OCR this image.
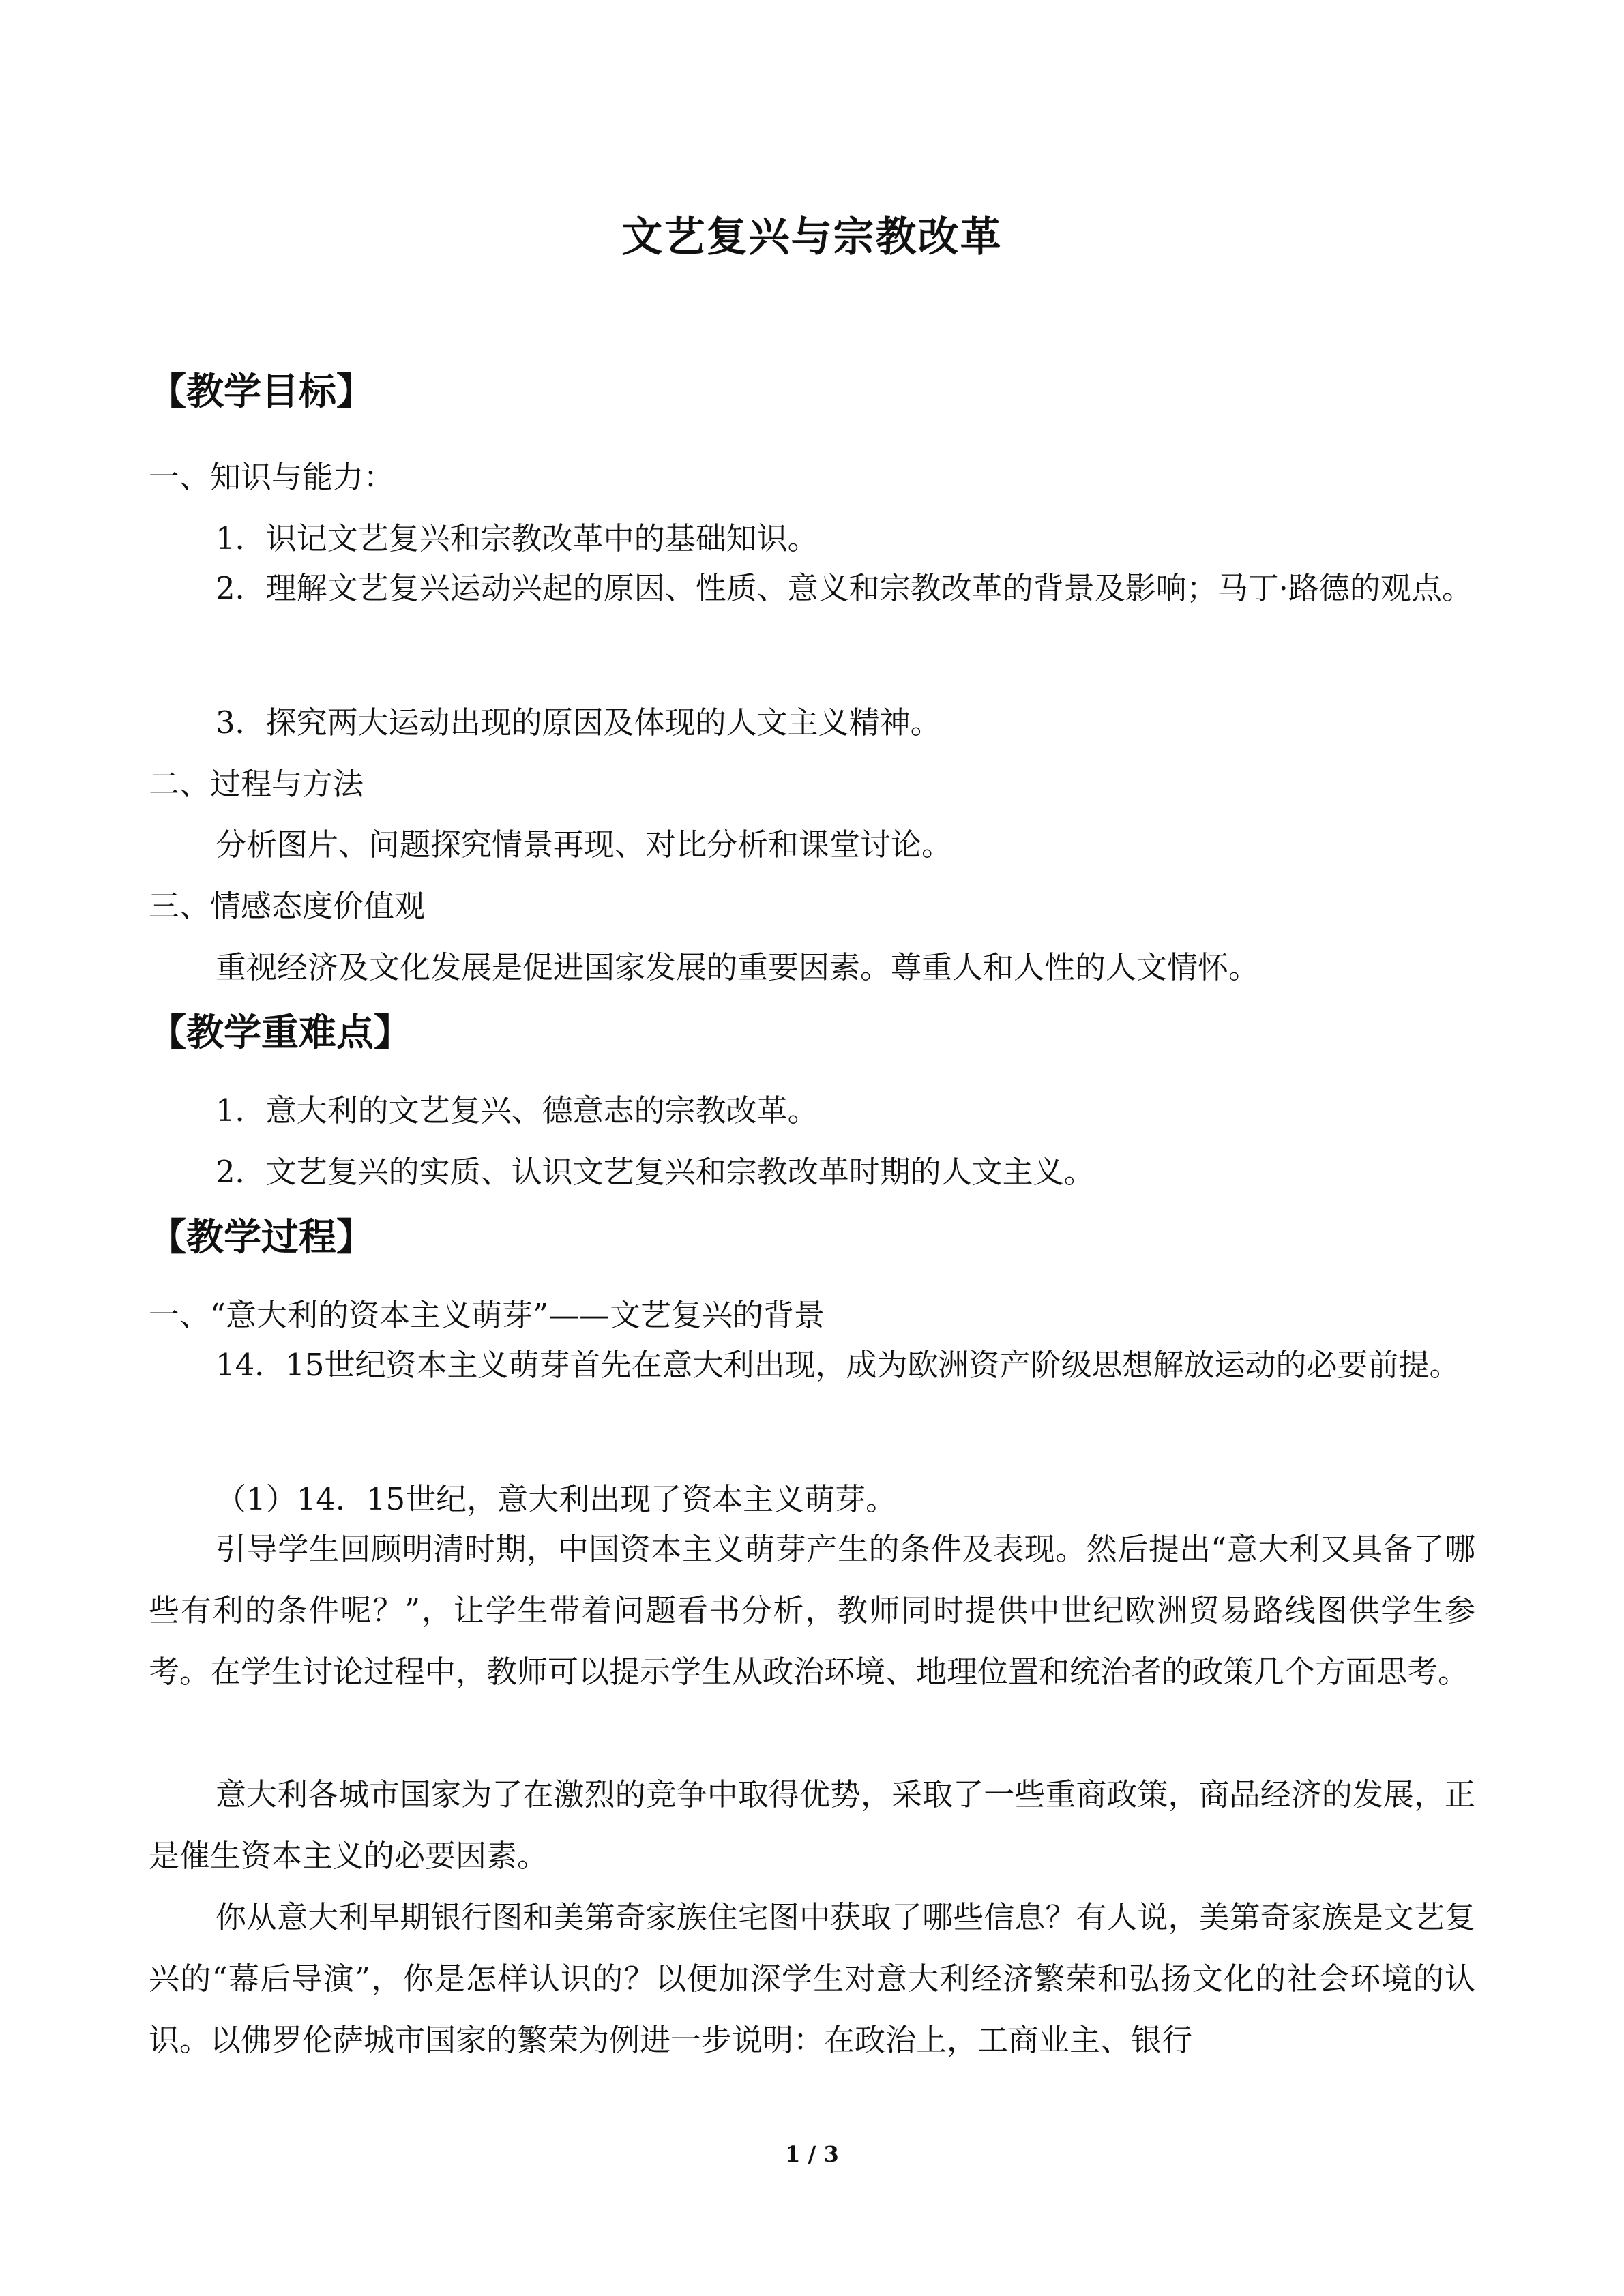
文艺复兴与宗教改革
【教学目标】
一、知识与能力：
1．识记文艺复兴和宗教改革中的基础知识。

2．理解文艺复兴运动兴起的原因、性质、意义和宗教改革的背景及影响；马丁·路德的观点。

3．探究两大运动出现的原因及体现的人文主义精神。
二、过程与方法
分析图片、问题探究情景再现、对比分析和课堂讨论。
三、情感态度价值观
重视经济及文化发展是促进国家发展的重要因素。尊重人和人性的人文情怀。
【教学重难点】
1．意大利的文艺复兴、德意志的宗教改革。
2．文艺复兴的实质、认识文艺复兴和宗教改革时期的人文主义。
【教学过程】
一、“意大利的资本主义萌芽”——文艺复兴的背景

14．15世纪资本主义萌芽首先在意大利出现，成为欧洲资产阶级思想解放运动的必要前提。

（1）14．15世纪，意大利出现了资本主义萌芽。

引导学生回顾明清时期，中国资本主义萌芽产生的条件及表现。然后提出“意大利又具备了哪些有利的条件呢？”，让学生带着问题看书分析，教师同时提供中世纪欧洲贸易路线图供学生参考。在学生讨论过程中，教师可以提示学生从政治环境、地理位置和统治者的政策几个方面思考。

意大利各城市国家为了在激烈的竞争中取得优势，采取了一些重商政策，商品经济的发展，正是催生资本主义的必要因素。

你从意大利早期银行图和美第奇家族住宅图中获取了哪些信息？有人说，美第奇家族是文艺复兴的“幕后导演”，你是怎样认识的？以便加深学生对意大利经济繁荣和弘扬文化的社会环境的认识。以佛罗伦萨城市国家的繁荣为例进一步说明：在政治上，工商业主、银行

1 / 3
